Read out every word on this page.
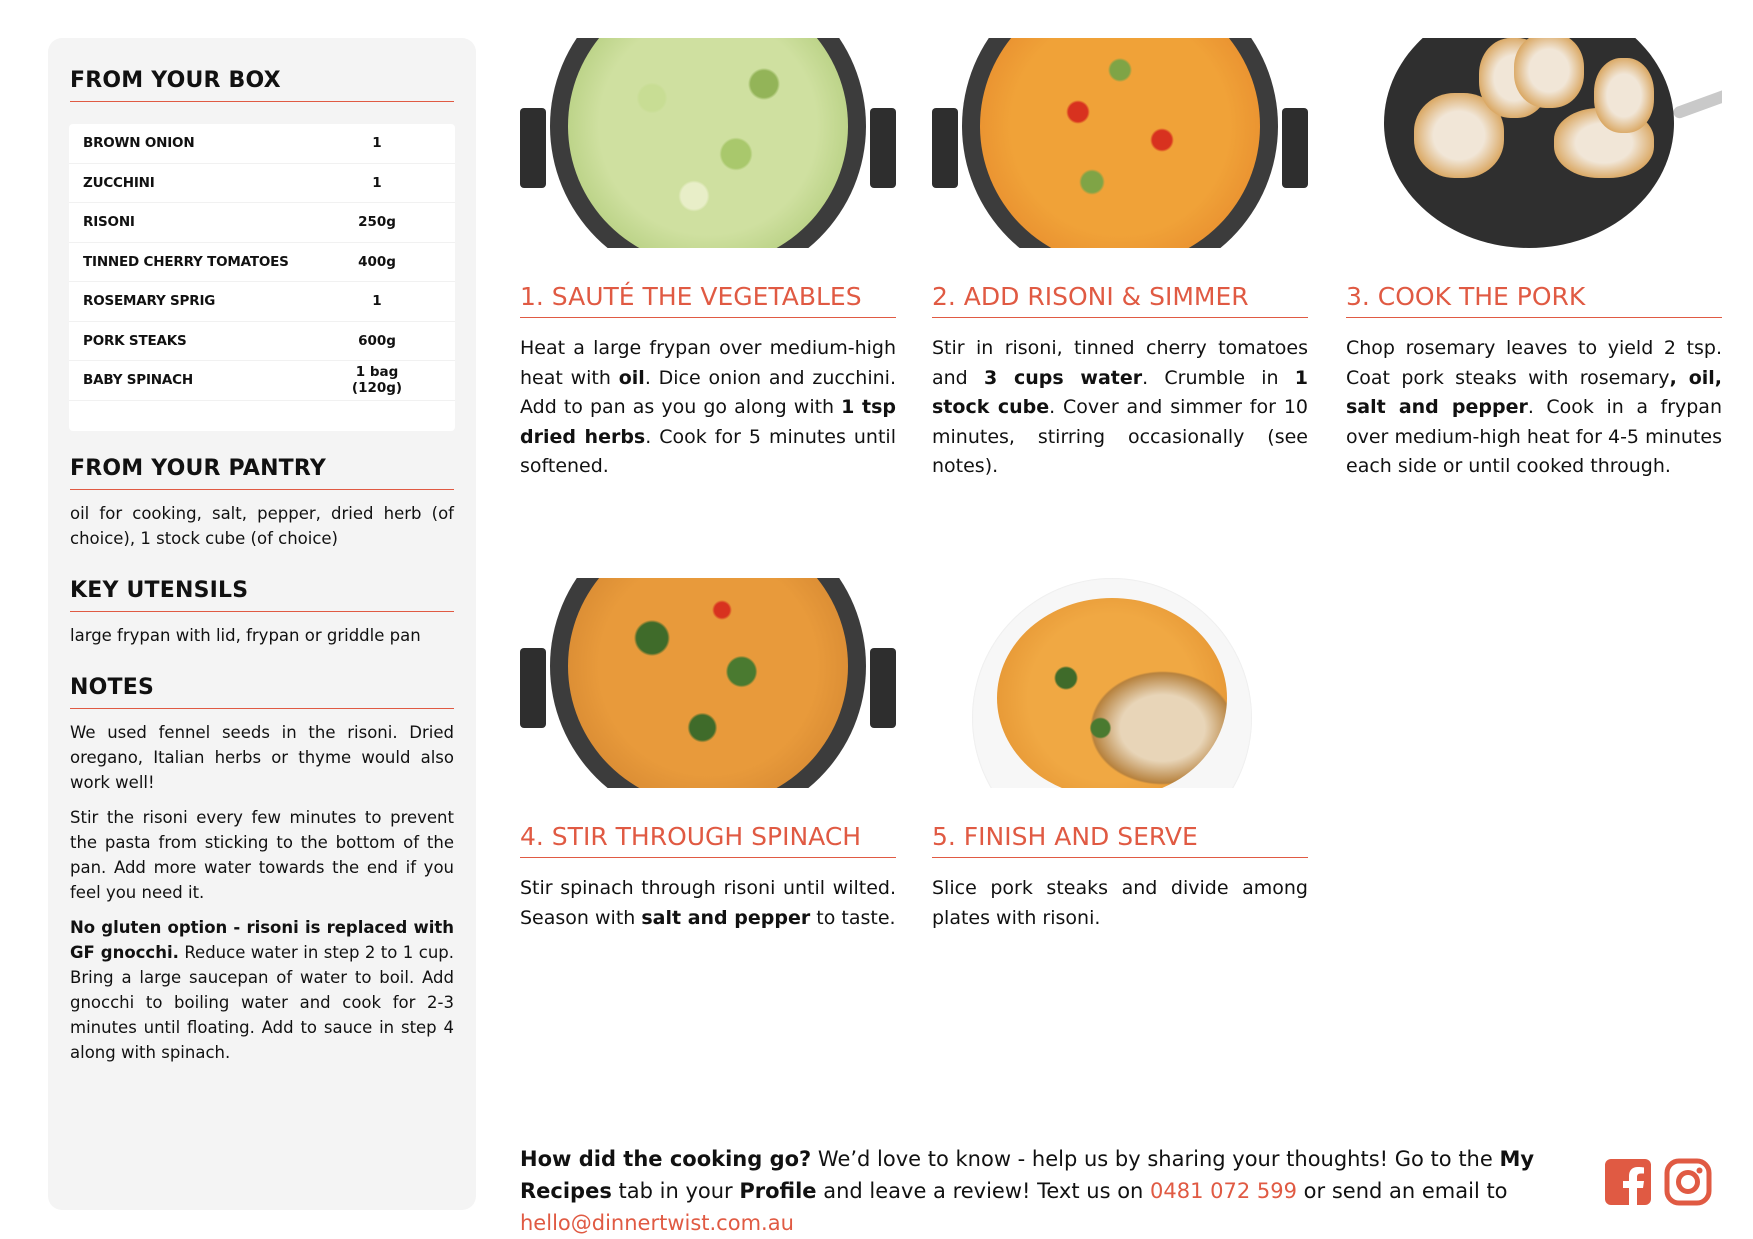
FROM YOUR BOX
BROWN ONION	1
ZUCCHINI	1
RISONI	250g
TINNED CHERRY TOMATOES	400g
ROSEMARY SPRIG	1
PORK STEAKS	600g
BABY SPINACH	1 bag (120g)
FROM YOUR PANTRY
oil for cooking, salt, pepper, dried herb (of choice), 1 stock cube (of choice)
KEY UTENSILS
large frypan with lid, frypan or griddle pan
NOTES

We used fennel seeds in the risoni. Dried oregano, Italian herbs or thyme would also work well!

Stir the risoni every few minutes to prevent the pasta from sticking to the bottom of the pan. Add more water towards the end if you feel you need it.

No gluten option - risoni is replaced with GF gnocchi. Reduce water in step 2 to 1 cup. Bring a large saucepan of water to boil. Add gnocchi to boiling water and cook for 2-3 minutes until floating. Add to sauce in step 4 along with spinach.

1. SAUTÉ THE VEGETABLES
Heat a large frypan over medium-high heat with oil. Dice onion and zucchini. Add to pan as you go along with 1 tsp dried herbs. Cook for 5 minutes until softened.
2. ADD RISONI & SIMMER
Stir in risoni, tinned cherry tomatoes and 3 cups water. Crumble in 1 stock cube. Cover and simmer for 10 minutes, stirring occasionally (see notes).
3. COOK THE PORK
Chop rosemary leaves to yield 2 tsp. Coat pork steaks with rosemary, oil, salt and pepper. Cook in a frypan over medium-high heat for 4-5 minutes each side or until cooked through.
4. STIR THROUGH SPINACH
Stir spinach through risoni until wilted. Season with salt and pepper to taste.
5. FINISH AND SERVE
Slice pork steaks and divide among plates with risoni.
How did the cooking go? We’d love to know - help us by sharing your thoughts! Go to the My Recipes tab in your Profile and leave a review! Text us on 0481 072 599 or send an email to hello@dinnertwist.com.au
